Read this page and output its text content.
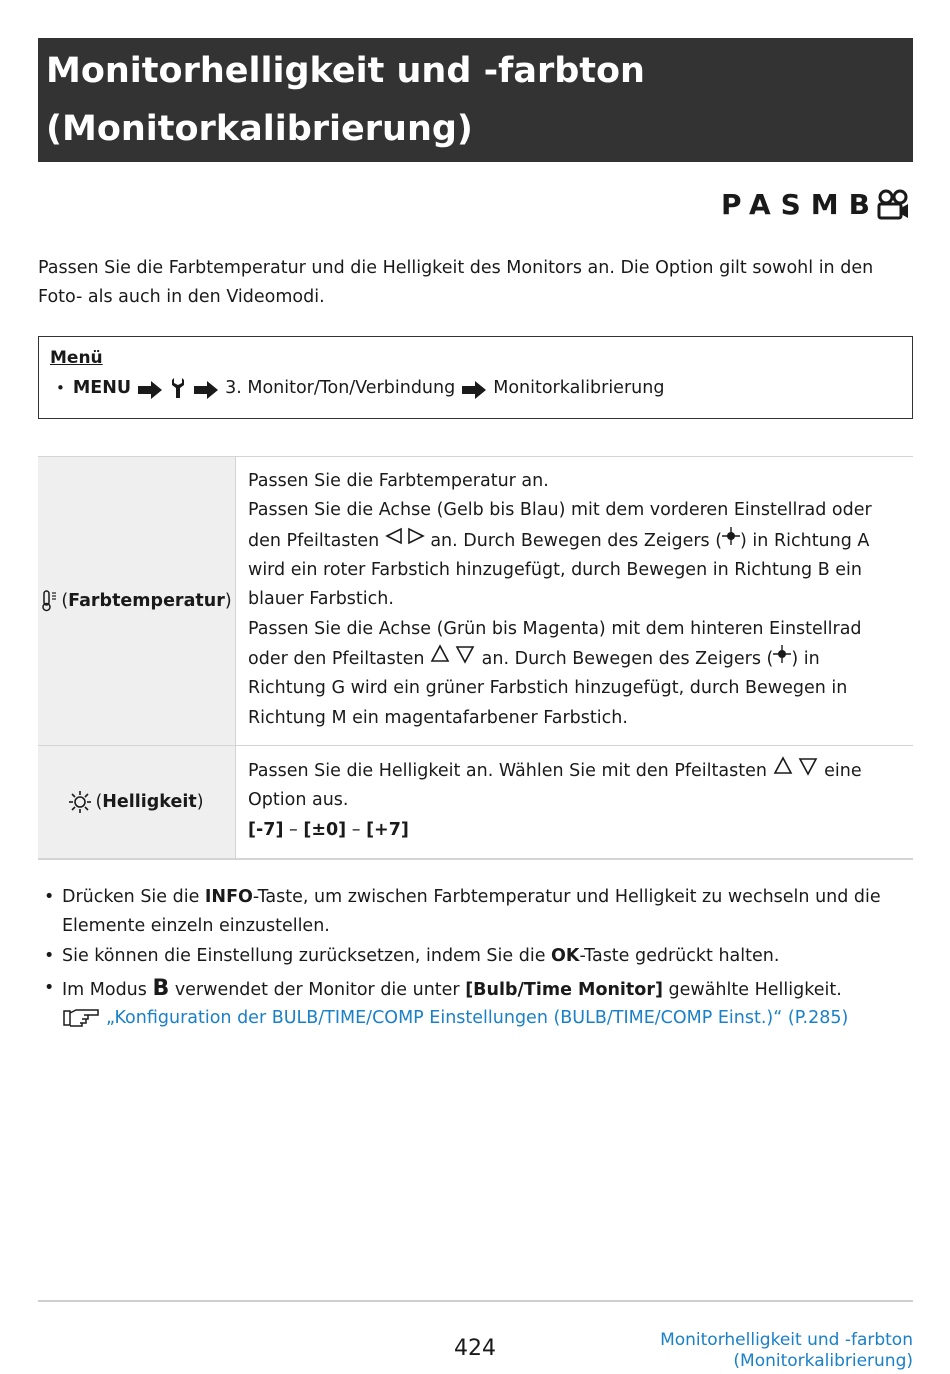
Monitorhelligkeit und -farbton
(Monitorkalibrierung)
PASMB

Passen Sie die Farbtemperatur und die Helligkeit des Monitors an. Die Option gilt sowohl in den Foto- als auch in den Videomodi.

Menü
• MENU	3. Monitor/Ton/Verbindung Monitorkalibrierung
( Farbtemperatur )

Passen Sie die Farbtemperatur an.

Passen Sie die Achse (Gelb bis Blau) mit dem vorderen Einstellrad oder den Pfeiltasten	an. Durch Bewegen des Zeigers ( ) in Richtung A wird ein roter Farbstich hinzugefügt, durch Bewegen in Richtung B ein blauer Farbstich.

Passen Sie die Achse (Grün bis Magenta) mit dem hinteren Einstellrad oder den Pfeiltasten	an. Durch Bewegen des Zeigers ( ) in Richtung G wird ein grüner Farbstich hinzugefügt, durch Bewegen in Richtung M ein magentafarbener Farbstich.

( Helligkeit )

Passen Sie die Helligkeit an. Wählen Sie mit den Pfeiltasten	eine Option aus.

[-7] – [±0] – [+7]

• Drücken Sie die INFO-Taste, um zwischen Farbtemperatur und Helligkeit zu wechseln und die Elemente einzeln einzustellen.
• Sie können die Einstellung zurücksetzen, indem Sie die OK-Taste gedrückt halten.
• Im Modus B verwendet der Monitor die unter [Bulb/Time Monitor] gewählte Helligkeit.
„Konfiguration der BULB/TIME/COMP Einstellungen (BULB/TIME/COMP Einst.)“ (P.285)
424	Monitorhelligkeit und -farbton
(Monitorkalibrierung)
